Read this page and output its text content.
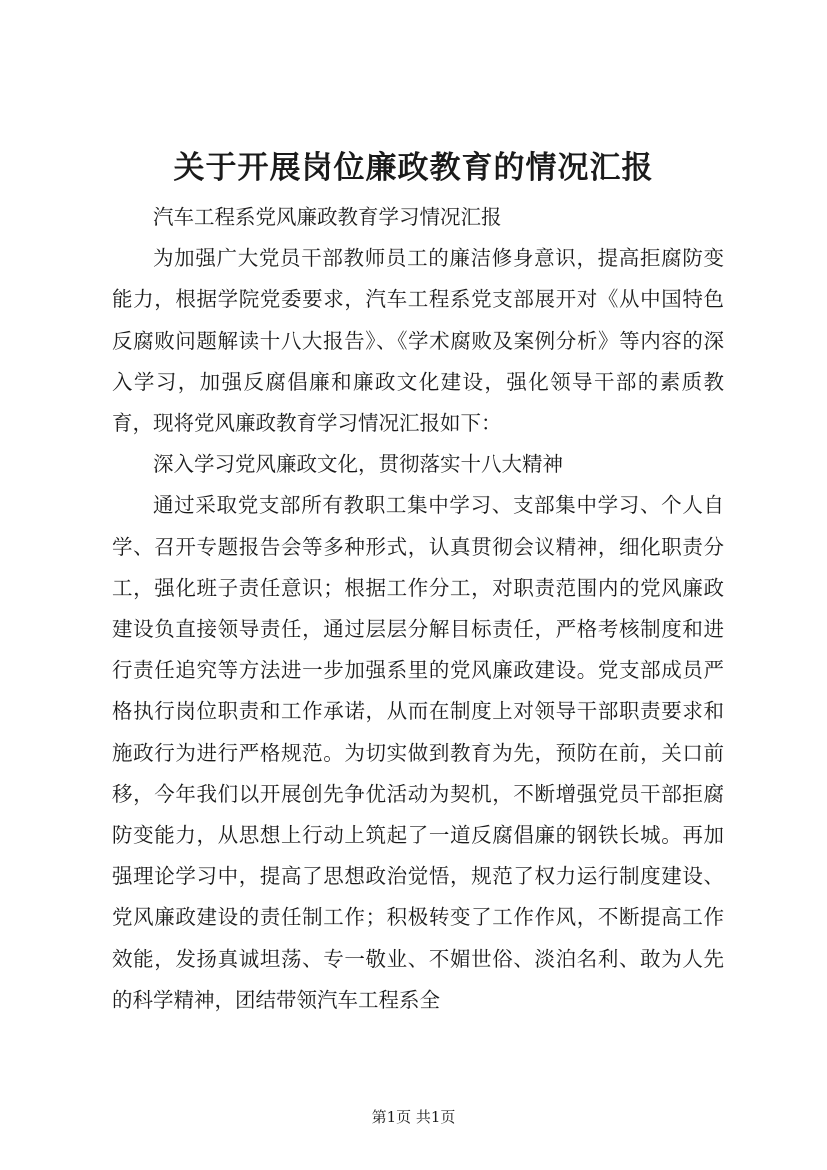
关于开展岗位廉政教育的情况汇报

汽车工程系党风廉政教育学习情况汇报

为加强广大党员干部教师员工的廉洁修身意识，提高拒腐防变能力，根据学院党委要求，汽车工程系党支部展开对《从中国特色反腐败问题解读十八大报告》、《学术腐败及案例分析》等内容的深入学习，加强反腐倡廉和廉政文化建设，强化领导干部的素质教育，现将党风廉政教育学习情况汇报如下：

深入学习党风廉政文化，贯彻落实十八大精神

通过采取党支部所有教职工集中学习、支部集中学习、个人自学、召开专题报告会等多种形式，认真贯彻会议精神，细化职责分工，强化班子责任意识；根据工作分工，对职责范围内的党风廉政建设负直接领导责任，通过层层分解目标责任，严格考核制度和进行责任追究等方法进一步加强系里的党风廉政建设。党支部成员严格执行岗位职责和工作承诺，从而在制度上对领导干部职责要求和施政行为进行严格规范。为切实做到教育为先，预防在前，关口前移，今年我们以开展创先争优活动为契机，不断增强党员干部拒腐防变能力，从思想上行动上筑起了一道反腐倡廉的钢铁长城。再加强理论学习中，提高了思想政治觉悟，规范了权力运行制度建设、党风廉政建设的责任制工作；积极转变了工作作风，不断提高工作效能，发扬真诚坦荡、专一敬业、不媚世俗、淡泊名利、敢为人先的科学精神，团结带领汽车工程系全

第1页 共1页
